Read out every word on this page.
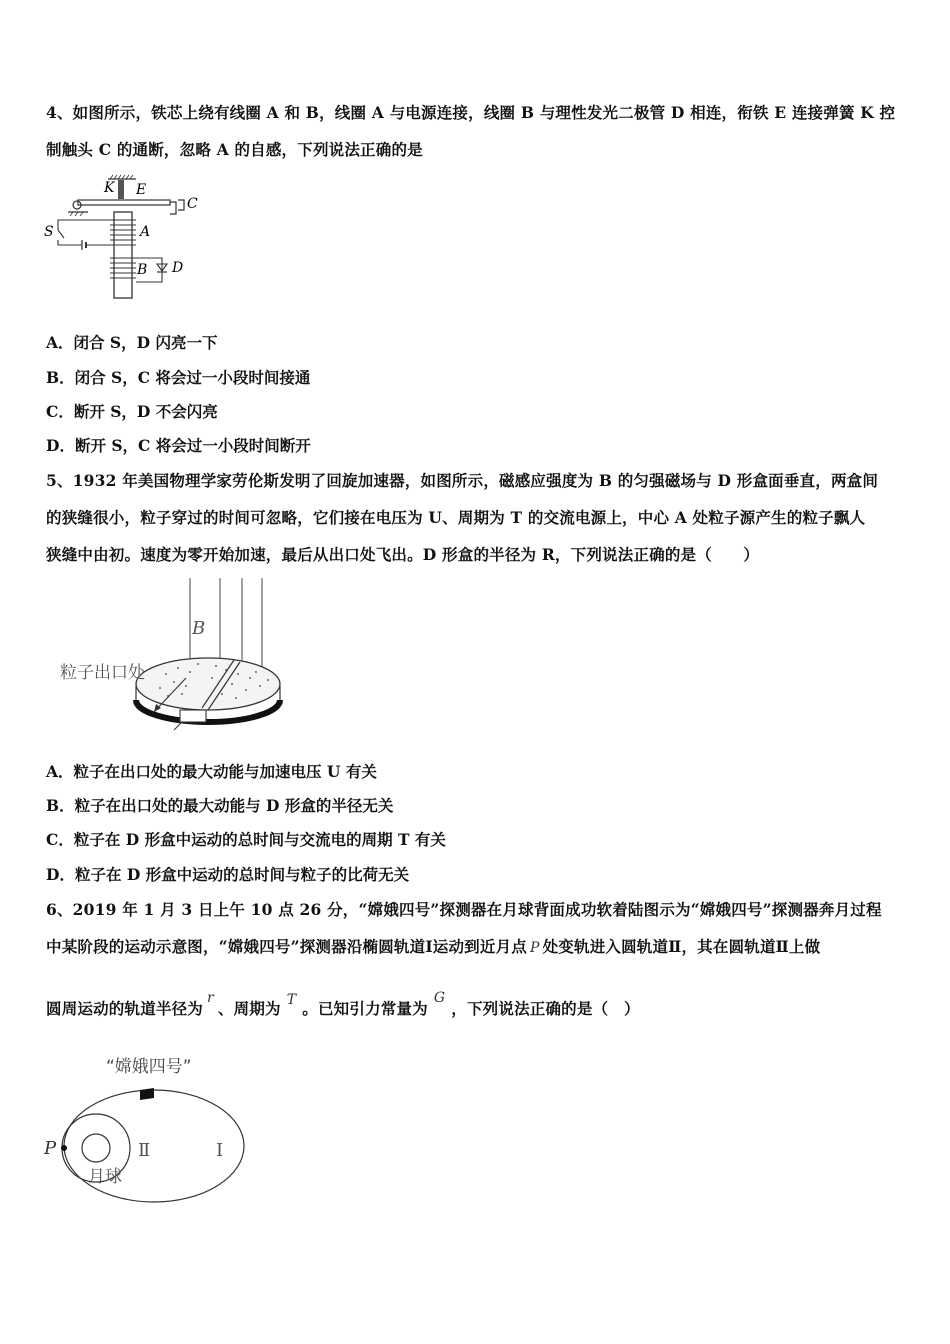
4、如图所示，铁芯上绕有线圈 A 和 B，线圈 A 与电源连接，线圈 B 与理性发光二极管 D 相连，衔铁 E 连接弹簧 K 控
制触头 C 的通断，忽略 A 的自感，下列说法正确的是
K E
C
S	A
B D
A．闭合 S，D 闪亮一下
B．闭合 S，C 将会过一小段时间接通
C．断开 S，D 不会闪亮
D．断开 S，C 将会过一小段时间断开
5、1932 年美国物理学家劳伦斯发明了回旋加速器，如图所示，磁感应强度为 B 的匀强磁场与 D 形盒面垂直，两盒间
的狭缝很小，粒子穿过的时间可忽略，它们接在电压为 U、周期为 T 的交流电源上，中心 A 处粒子源产生的粒子飘人
狭缝中由初。速度为零开始加速，最后从出口处飞出。D 形盒的半径为 R，下列说法正确的是（　　）
B
粒子出口处
A．粒子在出口处的最大动能与加速电压 U 有关
B．粒子在出口处的最大动能与 D 形盒的半径无关
C．粒子在 D 形盒中运动的总时间与交流电的周期 T 有关
D．粒子在 D 形盒中运动的总时间与粒子的比荷无关
6、2019 年 1 月 3 日上午 10 点 26 分，“嫦娥四号”探测器在月球背面成功软着陆图示为“嫦娥四号”探测器奔月过程
中某阶段的运动示意图，“嫦娥四号”探测器沿椭圆轨道Ⅰ运动到近月点 P 处变轨进入圆轨道Ⅱ，其在圆轨道Ⅱ上做
圆周运动的轨道半径为r、周期为 T 。已知引力常量为G，下列说法正确的是（　）
“嫦娥四号”
P	Ⅱ	Ⅰ
月球
